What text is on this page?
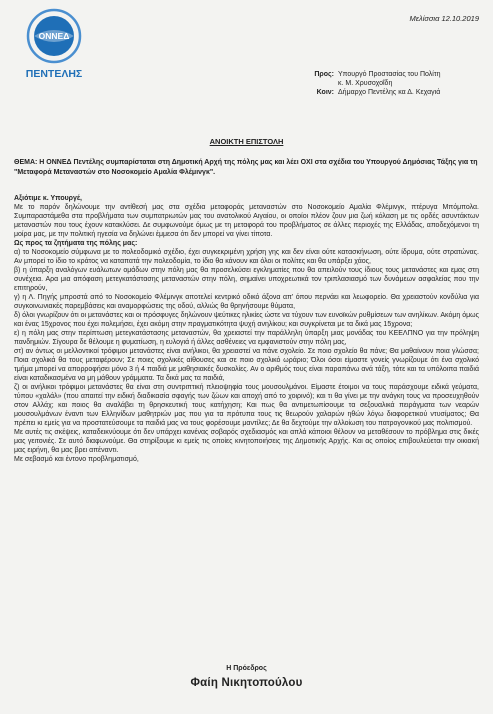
ΟΝΝΕΔ
ΠΕΝΤΕΛΗΣ
Μελίσσια 12.10.2019
Προς: Υπουργό Προστασίας του Πολίτη
κ. Μ. Χρυσοχοΐδη
Κοιν: Δήμαρχο Πεντέλης κα Δ. Κεχαγιά
ΑΝΟΙΚΤΗ ΕΠΙΣΤΟΛΗ
ΘΕΜΑ: Η ΟΝΝΕΔ Πεντέλης συμπαρίσταται στη Δημοτική Αρχή της πόλης μας και λέει ΟΧΙ στα σχέδια του Υπουργού Δημόσιας Τάξης για τη "Μεταφορά Μεταναστών στο Νοσοκομείο Αμαλία Φλέμινγκ".

Αξιότιμε κ. Υπουργέ,

Με το παρόν δηλώνουμε την αντίθεσή μας στα σχέδια μεταφοράς μεταναστών στο Νοσοκομείο Αμαλία Φλέμινγκ, πτέρυγα Μπόμπολα. Συμπαραστάμεθα στα προβλήματα των συμπατριωτών μας του ανατολικού Αιγαίου, οι οποίοι πλέον ζουν μια ζωή κόλαση με τις ορδές ασυντάκτων μεταναστών που τους έχουν κατακλύσει. Δε συμφωνούμε όμως με τη μεταφορά του προβλήματος σε άλλες περιοχές της Ελλάδας, αποδεχόμενοι τη μοίρα μας, με την πολιτική ηγεσία να δηλώνει έμμεσα ότι δεν μπορεί να γίνει τίποτα.

Ως προς τα ζητήματα της πόλης μας:

α) το Νοσοκομείο σύμφωνα με το πολεοδομικό σχέδιο, έχει συγκεκριμένη χρήση γης και δεν είναι ούτε κατασκήνωση, ούτε ίδρυμα, ούτε στρατώνας. Αν μπορεί το ίδιο το κράτος να καταπατά την πολεοδομία, το ίδιο θα κάνουν και όλοι οι πολίτες και θα υπάρξει χάος,

β) η ύπαρξη αναλόγων ευάλωτων ομάδων στην πόλη μας θα προσελκύσει εγκληματίες που θα απειλούν τους ίδιους τους μετανάστες και εμας στη συνέχεια. Αρα μια απόφαση μετεγκατάστασης μεταναστών στην πόλη, σημαίνει υποχρεωτικά τον τριπλασιασμό των δυνάμεων ασφαλείας που την επιτηρούν,

γ) η Λ. Πηγής μπροστά από το Νοσοκομείο Φλέμινγκ αποτελεί κεντρικό οδικό άξονα απ' όπου περνάει και λεωφορείο. Θα χρειαστούν κονδύλια για συγκοινωνιακές παρεμβάσεις και αναμορφώσεις της οδού, αλλιώς θα θρηνήσουμε θύματα,

δ) όλοι γνωρίζουν ότι οι μετανάστες και οι πρόσφυγες δηλώνουν ψεύτικες ηλικίες ώστε να τύχουν των ευνοϊκών ρυθμίσεων των ανηλίκων. Ακόμη όμως και ένας 15χρονος που έχει πολεμήσει, έχει ακόμη στην πραγματικότητα ψυχή ανηλίκου; και συγκρίνεται με τα δικά μας 15χρονα;

ε) η πόλη μας στην περίπτωση μετεγκατάστασης μεταναστών, θα χρειαστεί την παράλληλη ύπαρξη μιας μονάδας του ΚΕΕΛΠΝΟ για την πρόληψη πανδημιών. Σίγουρα δε θέλουμε η φυματίωση, η ευλογιά ή άλλες ασθένειες να εμφανιστούν στην πόλη μας,

στ) αν όντως οι μελλοντικοί τρόφιμοι μετανάστες είναι ανήλικοι, θα χρειαστεί να πάνε σχολείο. Σε ποιο σχολείο θα πάνε; Θα μαθαίνουν ποια γλώσσα; Ποια σχολικά θα τους μεταφέρουν; Σε ποιες σχολικές αίθουσες και σε ποιο σχολικό ωράριο; Όλοι όσοι είμαστε γονείς γνωρίζουμε ότι ένα σχολικό τμήμα μπορεί να απορροφήσει μόνο 3 ή 4 παιδιά με μαθησιακές δυσκολίες. Αν ο αριθμός τους είναι παραπάνω ανά τάξη, τότε και τα υπόλοιπα παιδιά είναι καταδικασμένα να μη μάθουν γράμματα. Τα δικά μας τα παιδιά,

ζ) οι ανήλικοι τρόφιμοι μετανάστες θα είναι στη συντριπτική πλειοψηφία τους μουσουλμάνοι. Είμαστε έτοιμοι να τους παράσχουμε ειδικά γεύματα, τύπου «χαλάλ» (που απαιτεί την ειδική διαδικασία σφαγής των ζώων και αποχή από το χοιρινό); και τι θα γίνει με την ανάγκη τους να προσευχηθούν στον Αλλάχ; και ποιος θα αναλάβει τη θρησκευτική τους κατήχηση; Και πως θα αντιμετωπίσουμε τα σεξουαλικά πειράγματα των νεαρών μουσουλμάνων έναντι των Ελληνίδων μαθητριών μας που για τα πρότυπα τους τις θεωρούν χαλαρών ηθών λόγω διαφορετικού ντυσίματος; Θα πρέπει κι εμείς για να προστατεύσουμε τα παιδιά μας να τους φορέσουμε μαντίλες; Δε θα δεχτούμε την αλλοίωση του πατρογονικού μας πολιτισμού.

Με αυτές τις σκέψεις, καταδεικνύουμε ότι δεν υπάρχει κανένας σοβαρός σχεδιασμός και απλά κάποιοι θέλουν να μεταθέσουν το πρόβλημα στις δικές μας γειτονιές. Σε αυτό διαφωνούμε. Θα στηρίξουμε κι εμείς τις οποίες κινητοποιήσεις της Δημοτικής Αρχής. Και ας οποίος επιβουλεύεται την οικιακή μας ειρήνη, θα μας βρει απέναντι.

Με σεβασμό και έντονο προβληματισμό,

Η Πρόεδρος
Φαίη Νικητοπούλου
